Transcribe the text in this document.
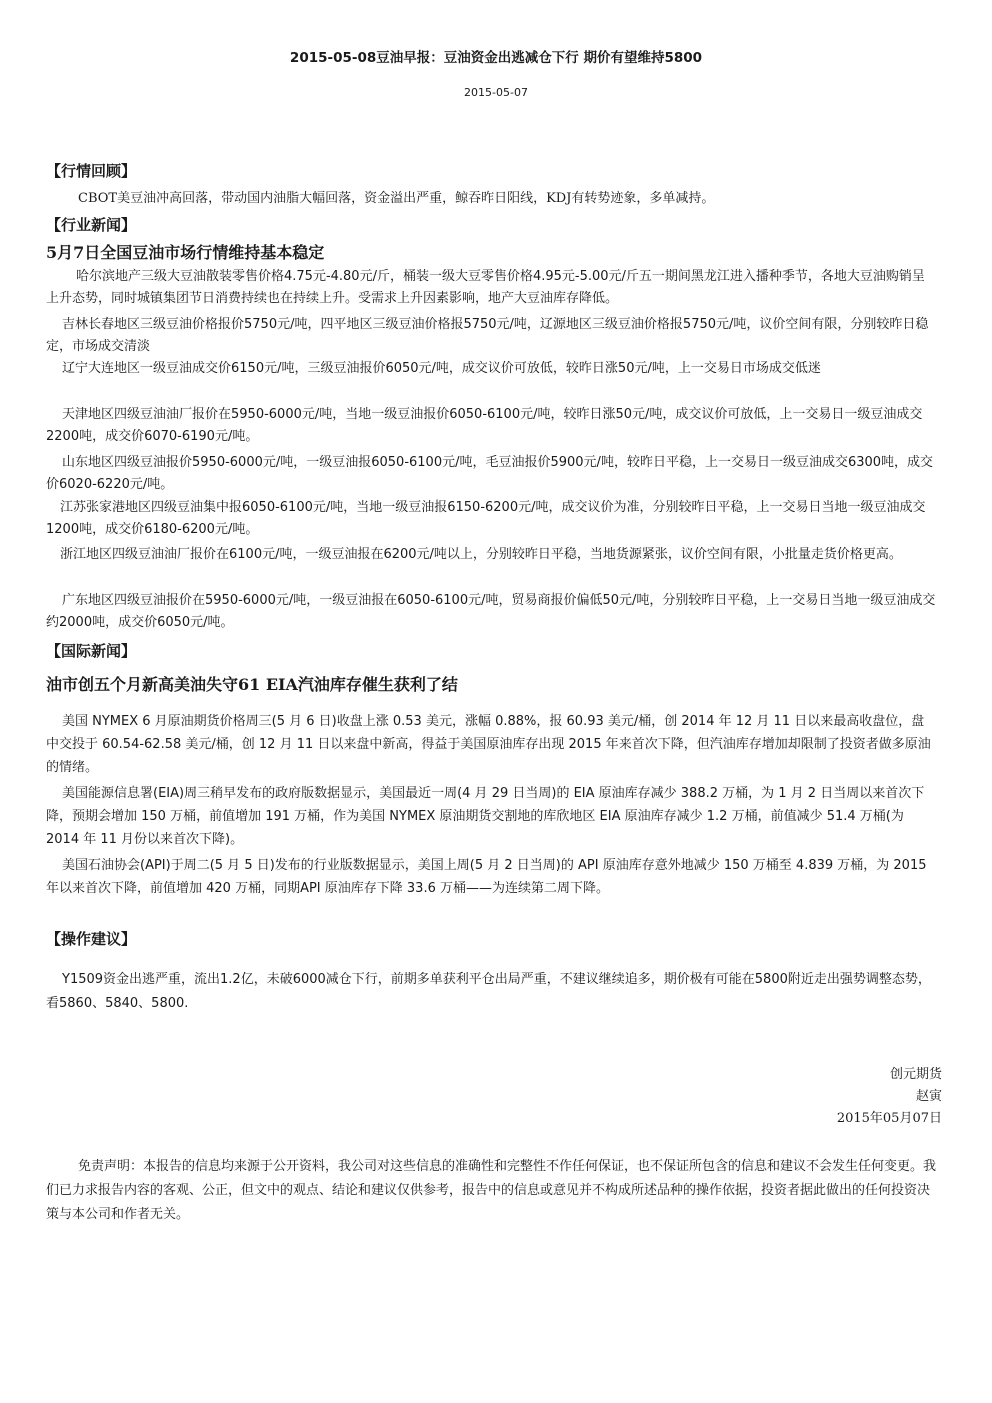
2015-05-08豆油早报：豆油资金出逃减仓下行 期价有望维持5800
2015-05-07
【行情回顾】
CBOT美豆油冲高回落，带动国内油脂大幅回落，资金溢出严重，鲸吞昨日阳线，KDJ有转势迹象，多单减持。
【行业新闻】
5月7日全国豆油市场行情维持基本稳定
哈尔滨地产三级大豆油散装零售价格4.75元-4.80元/斤，桶装一级大豆零售价格4.95元-5.00元/斤五一期间黑龙江进入播种季节，各地大豆油购销呈上升态势，同时城镇集团节日消费持续也在持续上升。受需求上升因素影响，地产大豆油库存降低。
吉林长春地区三级豆油价格报价5750元/吨，四平地区三级豆油价格报5750元/吨，辽源地区三级豆油价格报5750元/吨，议价空间有限，分别较昨日稳定，市场成交清淡
辽宁大连地区一级豆油成交价6150元/吨，三级豆油报价6050元/吨，成交议价可放低，较昨日涨50元/吨，上一交易日市场成交低迷
天津地区四级豆油油厂报价在5950-6000元/吨，当地一级豆油报价6050-6100元/吨，较昨日涨50元/吨，成交议价可放低，上一交易日一级豆油成交2200吨，成交价6070-6190元/吨。
山东地区四级豆油报价5950-6000元/吨，一级豆油报6050-6100元/吨，毛豆油报价5900元/吨，较昨日平稳，上一交易日一级豆油成交6300吨，成交价6020-6220元/吨。
江苏张家港地区四级豆油集中报6050-6100元/吨，当地一级豆油报6150-6200元/吨，成交议价为准，分别较昨日平稳，上一交易日当地一级豆油成交1200吨，成交价6180-6200元/吨。
浙江地区四级豆油油厂报价在6100元/吨，一级豆油报在6200元/吨以上，分别较昨日平稳，当地货源紧张，议价空间有限，小批量走货价格更高。
广东地区四级豆油报价在5950-6000元/吨，一级豆油报在6050-6100元/吨，贸易商报价偏低50元/吨，分别较昨日平稳，上一交易日当地一级豆油成交约2000吨，成交价6050元/吨。
【国际新闻】
油市创五个月新高美油失守61 EIA汽油库存催生获利了结
美国 NYMEX 6 月原油期货价格周三(5 月 6 日)收盘上涨 0.53 美元，涨幅 0.88%，报 60.93 美元/桶，创 2014 年 12 月 11 日以来最高收盘位，盘中交投于 60.54-62.58 美元/桶，创 12 月 11 日以来盘中新高，得益于美国原油库存出现 2015 年来首次下降，但汽油库存增加却限制了投资者做多原油的情绪。
美国能源信息署(EIA)周三稍早发布的政府版数据显示，美国最近一周(4 月 29 日当周)的 EIA 原油库存减少 388.2 万桶，为 1 月 2 日当周以来首次下降，预期会增加 150 万桶，前值增加 191 万桶，作为美国 NYMEX 原油期货交割地的库欣地区 EIA 原油库存减少 1.2 万桶，前值减少 51.4 万桶(为 2014 年 11 月份以来首次下降)。
美国石油协会(API)于周二(5 月 5 日)发布的行业版数据显示，美国上周(5 月 2 日当周)的 API 原油库存意外地减少 150 万桶至 4.839 万桶，为 2015 年以来首次下降，前值增加 420 万桶，同期API 原油库存下降 33.6 万桶——为连续第二周下降。
【操作建议】
Y1509资金出逃严重，流出1.2亿，未破6000减仓下行，前期多单获利平仓出局严重，不建议继续追多，期价极有可能在5800附近走出强势调整态势，看5860、5840、5800.
创元期货
赵寅
2015年05月07日
免责声明：本报告的信息均来源于公开资料，我公司对这些信息的准确性和完整性不作任何保证，也不保证所包含的信息和建议不会发生任何变更。我们已力求报告内容的客观、公正，但文中的观点、结论和建议仅供参考，报告中的信息或意见并不构成所述品种的操作依据，投资者据此做出的任何投资决策与本公司和作者无关。
